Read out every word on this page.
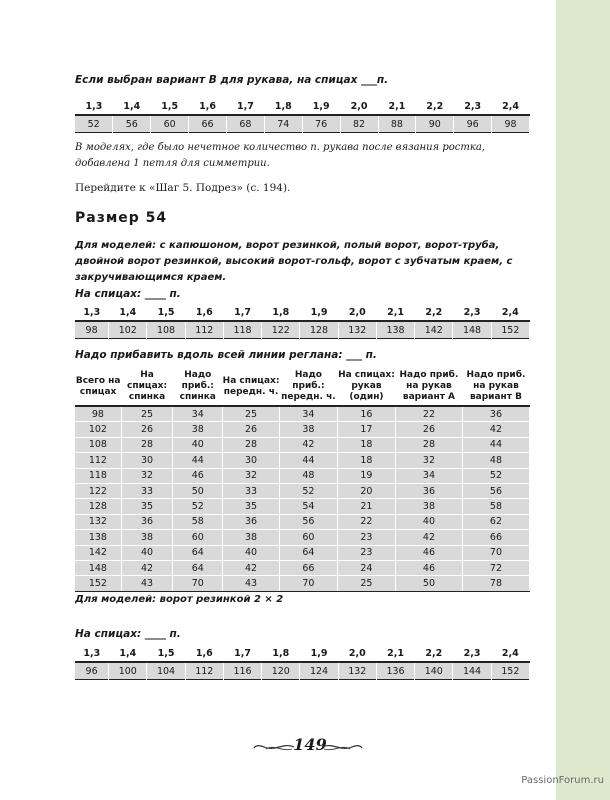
Если выбран вариант В для рукава, на спицах ___п.
1,3	1,4	1,5	1,6	1,7	1,8	1,9	2,0	2,1	2,2	2,3	2,4
52	56	60	66	68	74	76	82	88	90	96	98
В моделях, где было нечетное количество п. рукава после вязания ростка, добавлена 1 петля для симметрии.
Перейдите к «Шаг 5. Подрез» (с. 194).
Размер 54
Для моделей: с капюшоном, ворот резинкой, полый ворот, ворот-труба, двойной ворот резинкой, высокий ворот-гольф, ворот с зубчатым краем, с закручивающимся краем.
На спицах: ____ п.
1,3	1,4	1,5	1,6	1,7	1,8	1,9	2,0	2,1	2,2	2,3	2,4
98	102	108	112	118	122	128	132	138	142	148	152
Надо прибавить вдоль всей линии реглана: ___ п.
Всего на спицах	На спицах: спинка	Надо приб.: спинка	На спицах: передн. ч.	Надо приб.: передн. ч.	На спицах: рукав (один)	Надо приб. на рукав вариант А	Надо приб. на рукав вариант В
98	25	34	25	34	16	22	36
102	26	38	26	38	17	26	42
108	28	40	28	42	18	28	44
112	30	44	30	44	18	32	48
118	32	46	32	48	19	34	52
122	33	50	33	52	20	36	56
128	35	52	35	54	21	38	58
132	36	58	36	56	22	40	62
138	38	60	38	60	23	42	66
142	40	64	40	64	23	46	70
148	42	64	42	66	24	46	72
152	43	70	43	70	25	50	78
Для моделей: ворот резинкой 2 × 2
На спицах: ____ п.
1,3	1,4	1,5	1,6	1,7	1,8	1,9	2,0	2,1	2,2	2,3	2,4
96	100	104	112	116	120	124	132	136	140	144	152
149
PassionForum.ru
